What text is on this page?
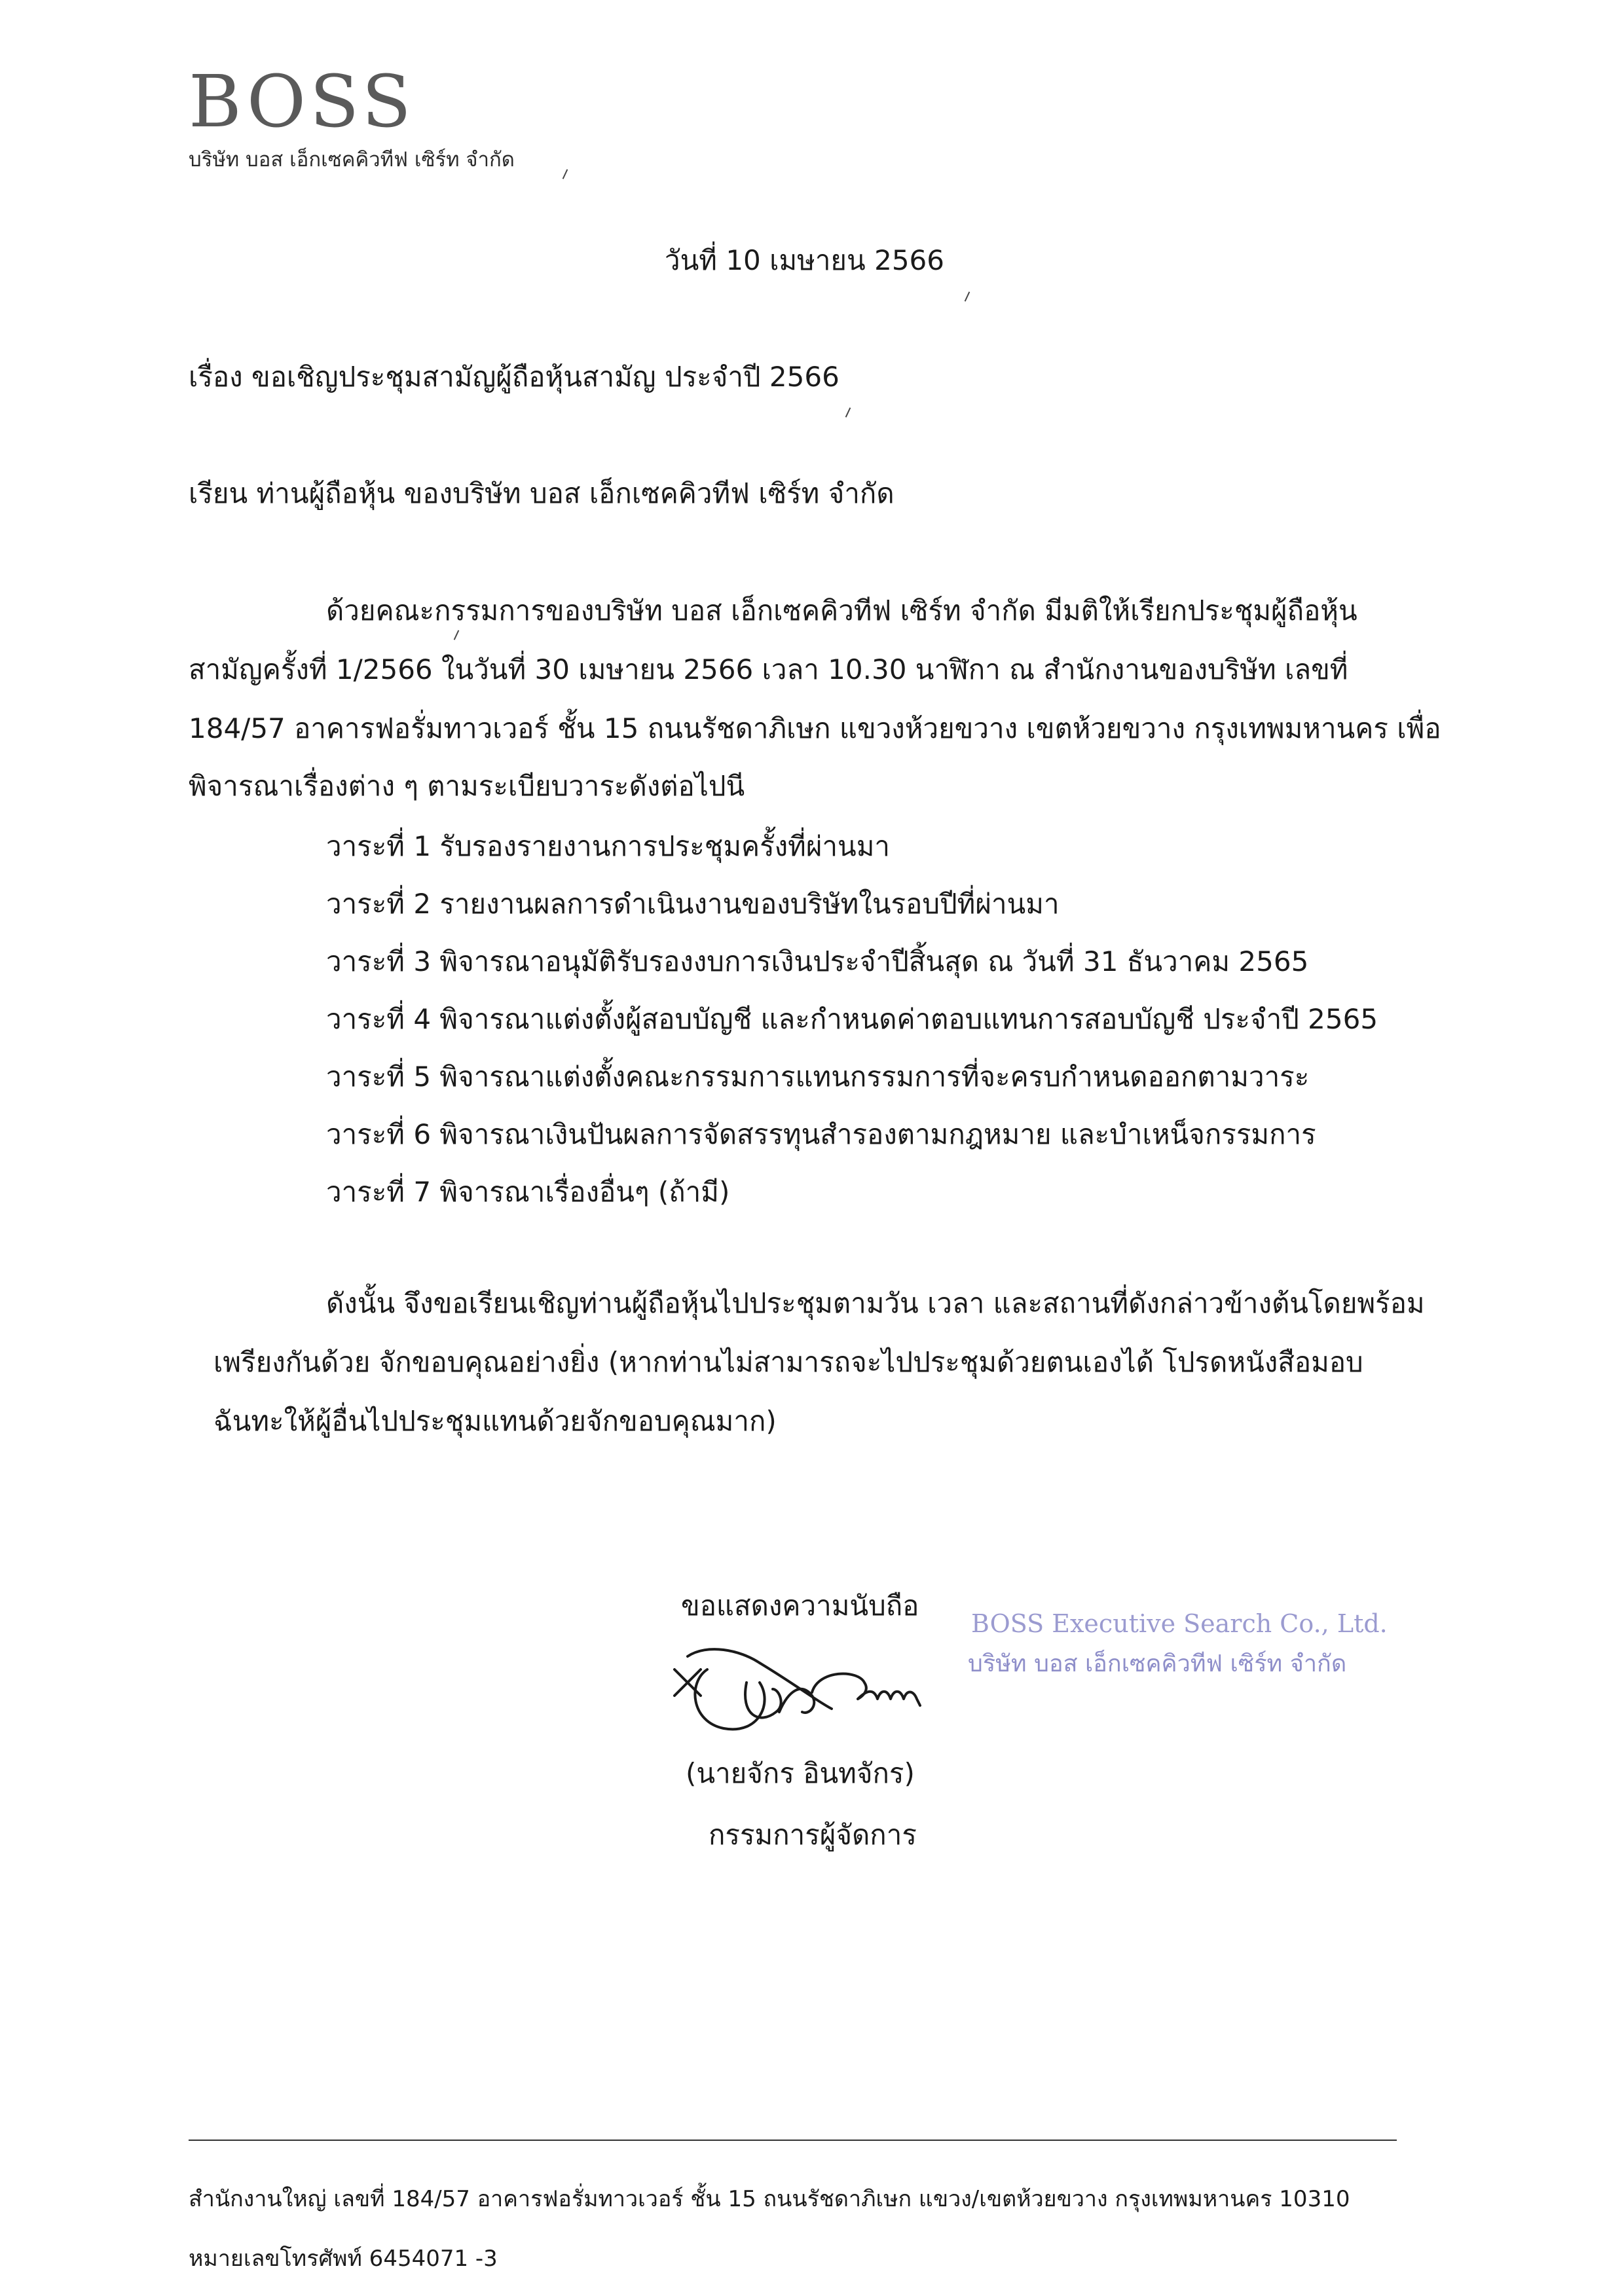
BOSS
บริษัท บอส เอ็กเซคคิวทีฟ เซิร์ท จำกัด
วันที่ 10 เมษายน 2566
เรื่อง ขอเชิญประชุมสามัญผู้ถือหุ้นสามัญ ประจำปี 2566
เรียน ท่านผู้ถือหุ้น ของบริษัท บอส เอ็กเซคคิวทีฟ เซิร์ท จำกัด
ด้วยคณะกรรมการของบริษัท บอส เอ็กเซคคิวทีฟ เซิร์ท จำกัด มีมติให้เรียกประชุมผู้ถือหุ้น
สามัญครั้งที่ 1/2566 ในวันที่ 30 เมษายน 2566 เวลา 10.30 นาฬิกา ณ สำนักงานของบริษัท เลขที่
184/57 อาคารฟอรั่มทาวเวอร์ ชั้น 15 ถนนรัชดาภิเษก แขวงห้วยขวาง เขตห้วยขวาง กรุงเทพมหานคร เพื่อ
พิจารณาเรื่องต่าง ๆ ตามระเบียบวาระดังต่อไปนี
วาระที่ 1 รับรองรายงานการประชุมครั้งที่ผ่านมา
วาระที่ 2 รายงานผลการดำเนินงานของบริษัทในรอบปีที่ผ่านมา
วาระที่ 3 พิจารณาอนุมัติรับรองงบการเงินประจำปีสิ้นสุด ณ วันที่ 31 ธันวาคม 2565
วาระที่ 4 พิจารณาแต่งตั้งผู้สอบบัญชี และกำหนดค่าตอบแทนการสอบบัญชี ประจำปี 2565
วาระที่ 5 พิจารณาแต่งตั้งคณะกรรมการแทนกรรมการที่จะครบกำหนดออกตามวาระ
วาระที่ 6 พิจารณาเงินปันผลการจัดสรรทุนสำรองตามกฎหมาย และบำเหน็จกรรมการ
วาระที่ 7 พิจารณาเรื่องอื่นๆ (ถ้ามี)
ดังนั้น จึงขอเรียนเชิญท่านผู้ถือหุ้นไปประชุมตามวัน เวลา และสถานที่ดังกล่าวข้างต้นโดยพร้อม
เพรียงกันด้วย จักขอบคุณอย่างยิ่ง (หากท่านไม่สามารถจะไปประชุมด้วยตนเองได้ โปรดหนังสือมอบ
ฉันทะให้ผู้อื่นไปประชุมแทนด้วยจักขอบคุณมาก)
ขอแสดงความนับถือ
BOSS Executive Search Co., Ltd.
บริษัท บอส เอ็กเซคคิวทีฟ เซิร์ท จำกัด
(นายจักร อินทจักร)
กรรมการผู้จัดการ
สำนักงานใหญ่ เลขที่ 184/57 อาคารฟอรั่มทาวเวอร์ ชั้น 15 ถนนรัชดาภิเษก แขวง/เขตห้วยขวาง กรุงเทพมหานคร 10310
หมายเลขโทรศัพท์ 6454071 -3
